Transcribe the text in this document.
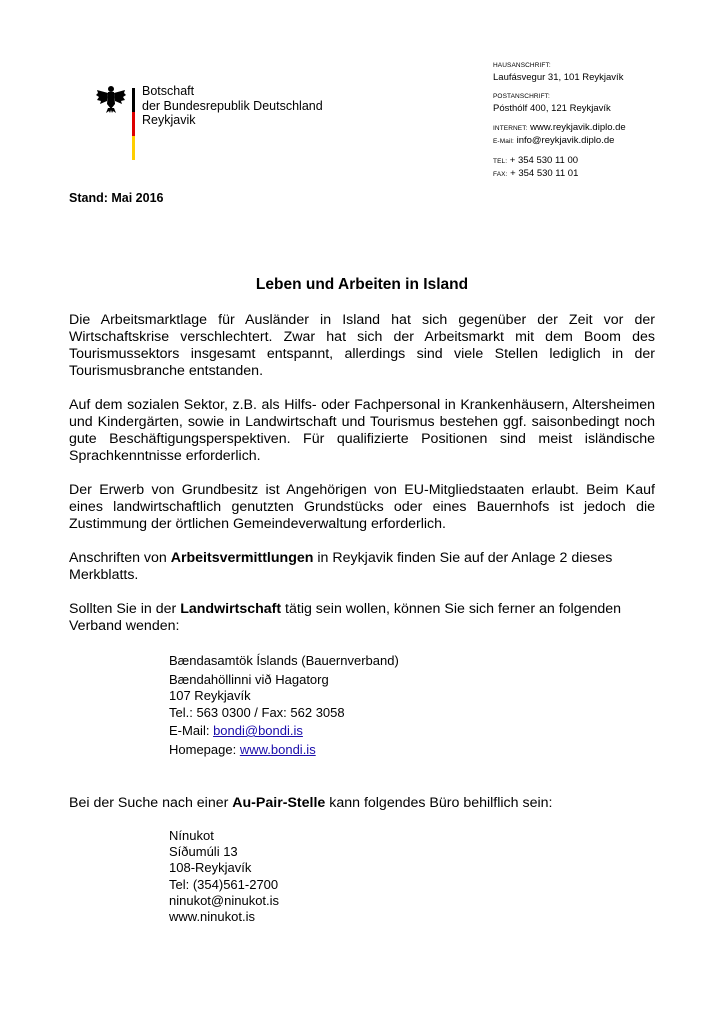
Botschaft
der Bundesrepublik Deutschland
Reykjavik
HAUSANSCHRIFT:
Laufásvegur 31, 101 Reykjavík
POSTANSCHRIFT:
Pósthólf 400, 121 Reykjavík
INTERNET: www.reykjavik.diplo.de
E-Mail: info@reykjavik.diplo.de
TEL: + 354 530 11 00
FAX: + 354 530 11 01
Stand: Mai 2016
Leben und Arbeiten in Island

Die Arbeitsmarktlage für Ausländer in Island hat sich gegenüber der Zeit vor der Wirtschaftskrise verschlechtert. Zwar hat sich der Arbeitsmarkt mit dem Boom des Tourismussektors insgesamt entspannt, allerdings sind viele Stellen lediglich in der Tourismusbranche entstanden.

Auf dem sozialen Sektor, z.B. als Hilfs- oder Fachpersonal in Krankenhäusern, Altersheimen und Kindergärten, sowie in Landwirtschaft und Tourismus bestehen ggf. saisonbedingt noch gute Beschäftigungsperspektiven. Für qualifizierte Positionen sind meist isländische Sprachkenntnisse erforderlich.

Der Erwerb von Grundbesitz ist Angehörigen von EU-Mitgliedstaaten erlaubt. Beim Kauf eines landwirtschaftlich genutzten Grundstücks oder eines Bauernhofs ist jedoch die Zustimmung der örtlichen Gemeindeverwaltung erforderlich.

Anschriften von Arbeitsvermittlungen in Reykjavik finden Sie auf der Anlage 2 dieses Merkblatts.

Sollten Sie in der Landwirtschaft tätig sein wollen, können Sie sich ferner an folgenden Verband wenden:

Bændasamtök Íslands (Bauernverband)
Bændahöllinni við Hagatorg
107 Reykjavík
Tel.: 563 0300 / Fax: 562 3058
E-Mail: bondi@bondi.is
Homepage: www.bondi.is
Bei der Suche nach einer Au-Pair-Stelle kann folgendes Büro behilflich sein:
Nínukot
Síðumúli 13
108-Reykjavík
Tel: (354)561-2700
ninukot@ninukot.is
www.ninukot.is
